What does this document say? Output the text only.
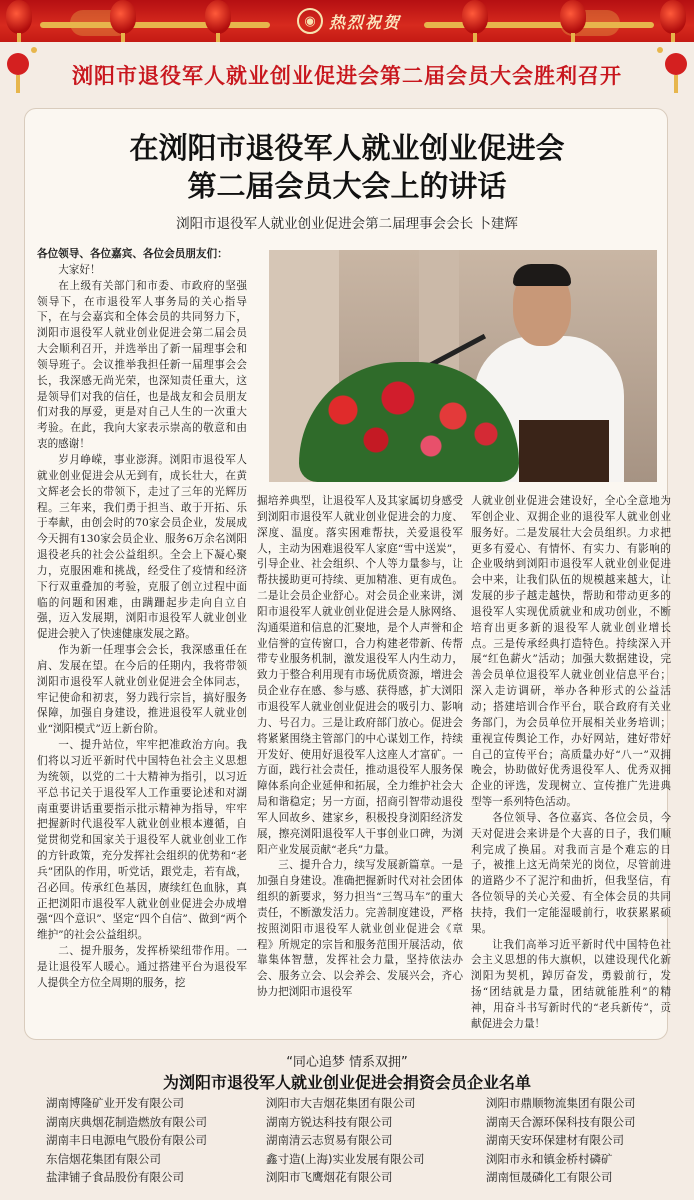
◉ 热烈祝贺
浏阳市退役军人就业创业促进会第二届会员大会胜利召开
在浏阳市退役军人就业创业促进会
第二届会员大会上的讲话
浏阳市退役军人就业创业促进会第二届理事会会长 卜建辉

各位领导、各位嘉宾、各位会员朋友们：

大家好！

在上级有关部门和市委、市政府的坚强领导下，在市退役军人事务局的关心指导下，在与会嘉宾和全体会员的共同努力下，浏阳市退役军人就业创业促进会第二届会员大会顺利召开，并选举出了新一届理事会和领导班子。会议推举我担任新一届理事会会长，我深感无尚光荣，也深知责任重大，这是领导们对我的信任，也是战友和会员朋友们对我的厚爱，更是对自己人生的一次重大考验。在此，我向大家表示崇高的敬意和由衷的感谢！

岁月峥嵘，事业澎湃。浏阳市退役军人就业创业促进会从无到有，成长壮大，在黄文辉老会长的带领下，走过了三年的光辉历程。三年来，我们勇于担当、敢于开拓、乐于奉献，由创会时的70家会员企业，发展成今天拥有130家会员企业、服务6万余名浏阳退役老兵的社会公益组织。全会上下凝心聚力，克服困难和挑战，经受住了疫情和经济下行双重叠加的考验，克服了创立过程中面临的问题和困难，由蹒跚起步走向自立自强，迈入发展期，浏阳市退役军人就业创业促进会驶入了快速健康发展之路。

作为新一任理事会会长，我深感重任在肩、发展在望。在今后的任期内，我将带领浏阳市退役军人就业创业促进会全体同志，牢记使命和初衷，努力践行宗旨，搞好服务保障，加强自身建设，推进退役军人就业创业“浏阳模式”迈上新台阶。

一、提升站位，牢牢把准政治方向。我们将以习近平新时代中国特色社会主义思想为统领，以党的二十大精神为指引，以习近平总书记关于退役军人工作重要论述和对湖南重要讲话重要指示批示精神为指导，牢牢把握新时代退役军人就业创业根本遵循，自觉贯彻党和国家关于退役军人就业创业工作的方针政策，充分发挥社会组织的优势和“老兵”团队的作用，听党话，跟党走，若有战，召必回。传承红色基因，赓续红色血脉，真正把浏阳市退役军人就业创业促进会办成增强“四个意识”、坚定“四个自信”、做到“两个维护”的社会公益组织。

二、提升服务，发挥桥梁纽带作用。一是让退役军人暖心。通过搭建平台为退役军人提供全方位全周期的服务，挖

掘培养典型，让退役军人及其家属切身感受到浏阳市退役军人就业创业促进会的力度、深度、温度。落实困难帮扶，关爱退役军人，主动为困难退役军人家庭“雪中送炭”，引导企业、社会组织、个人等力量参与，让帮扶援助更可持续、更加精准、更有成色。二是让会员企业舒心。对会员企业来讲，浏阳市退役军人就业创业促进会是人脉网络、沟通渠道和信息的汇聚地，是个人声誉和企业信誉的宣传窗口，合力构建老带新、传帮带专业服务机制，激发退役军人内生动力，致力于整合利用现有市场优质资源，增进会员企业存在感、参与感、获得感，扩大浏阳市退役军人就业创业促进会的吸引力、影响力、号召力。三是让政府部门放心。促进会将紧紧围绕主管部门的中心谋划工作，持续开发好、使用好退役军人这座人才富矿。一方面，践行社会责任，推动退役军人服务保障体系向企业延伸和拓展，全力维护社会大局和谐稳定；另一方面，招商引智带动退役军人回故乡、建家乡，积极投身浏阳经济发展，擦亮浏阳退役军人干事创业口碑，为浏阳产业发展贡献“老兵”力量。

三、提升合力，续写发展新篇章。一是加强自身建设。准确把握新时代对社会团体组织的新要求，努力担当“三驾马车”的重大责任，不断激发活力。完善制度建设，严格按照浏阳市退役军人就业创业促进会《章程》所规定的宗旨和服务范围开展活动，依靠集体智慧，发挥社会力量，坚持依法办会、服务立会、以会养会、发展兴会，齐心协力把浏阳市退役军

人就业创业促进会建设好，全心全意地为军创企业、双拥企业的退役军人就业创业服务好。二是发展壮大会员组织。力求把更多有爱心、有情怀、有实力、有影响的企业吸纳到浏阳市退役军人就业创业促进会中来，让我们队伍的规模越来越大，让发展的步子越走越快，帮助和带动更多的退役军人实现优质就业和成功创业，不断培育出更多新的退役军人就业创业增长点。三是传承经典打造特色。持续深入开展“红色薪火”活动；加强大数据建设，完善会员单位退役军人就业创业信息平台；深入走访调研，举办各种形式的公益活动；搭建培训合作平台，联合政府有关业务部门，为会员单位开展相关业务培训；重视宣传舆论工作，办好网站，建好带好自己的宣传平台；高质量办好“八一”双拥晚会，协助做好优秀退役军人、优秀双拥企业的评选，发现树立、宣传推广先进典型等一系列特色活动。

各位领导、各位嘉宾、各位会员，今天对促进会来讲是个大喜的日子，我们顺利完成了换届。对我而言是个难忘的日子，被推上这无尚荣光的岗位，尽管前进的道路少不了泥泞和曲折，但我坚信，有各位领导的关心关爱、有全体会员的共同扶持，我们一定能湿暖前行，收获累累硕果。

让我们高举习近平新时代中国特色社会主义思想的伟大旗帜，以建设现代化新浏阳为契机，踔厉奋发，勇毅前行，发扬“团结就是力量，团结就能胜利”的精神，用奋斗书写新时代的“老兵新传”，贡献促进会力量！

“同心追梦 情系双拥”
为浏阳市退役军人就业创业促进会捐资会员企业名单
湖南博隆矿业开发有限公司
湖南庆典烟花制造燃放有限公司
湖南丰日电源电气股份有限公司
东信烟花集团有限公司
盐津铺子食品股份有限公司
浏阳市大吉烟花集团有限公司
湖南方锐达科技有限公司
湖南清云志贸易有限公司
鑫寸造(上海)实业发展有限公司
浏阳市飞鹰烟花有限公司
浏阳市鼎顺物流集团有限公司
湖南天合源环保科技有限公司
湖南天安环保建材有限公司
浏阳市永和镇金桥村磷矿
湖南恒晟磷化工有限公司
